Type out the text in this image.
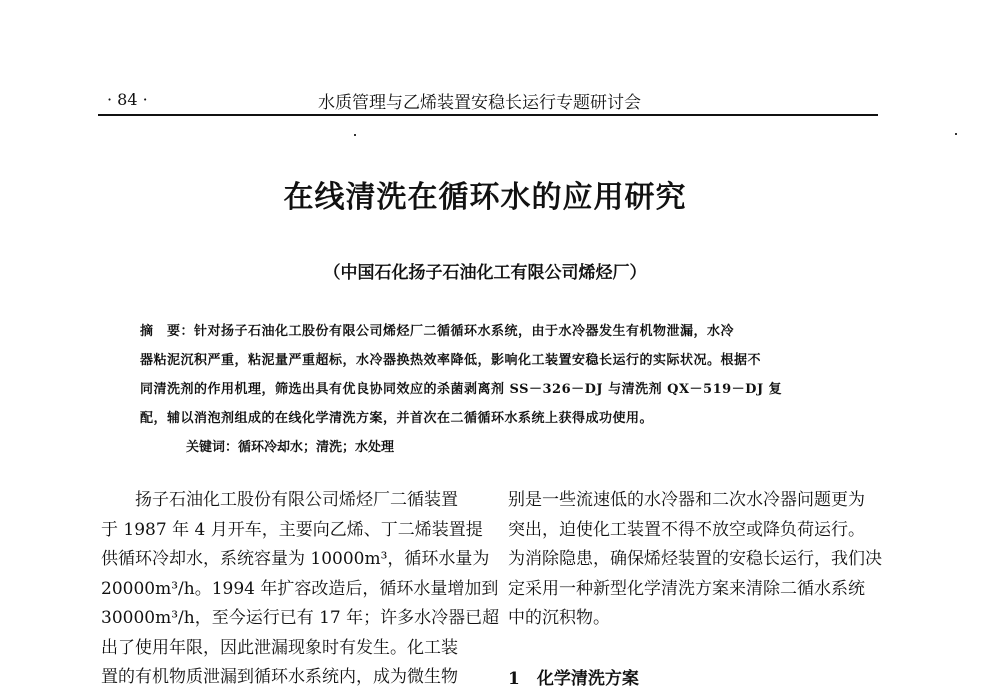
· 84 ·	水质管理与乙烯装置安稳长运行专题研讨会
在线清洗在循环水的应用研究
（中国石化扬子石油化工有限公司烯烃厂）
摘　要：针对扬子石油化工股份有限公司烯烃厂二循循环水系统，由于水冷器发生有机物泄漏，水冷
器粘泥沉积严重，粘泥量严重超标，水冷器换热效率降低，影响化工装置安稳长运行的实际状况。根据不
同清洗剂的作用机理，筛选出具有优良协同效应的杀菌剥离剂 SS－326－DJ 与清洗剂 QX－519－DJ 复
配，辅以消泡剂组成的在线化学清洗方案，并首次在二循循环水系统上获得成功使用。
关键词：循环冷却水；清洗；水处理

　　扬子石油化工股份有限公司烯烃厂二循装置

于 1987 年 4 月开车，主要向乙烯、丁二烯装置提

供循环冷却水，系统容量为 10000m³，循环水量为

20000m³/h。1994 年扩容改造后，循环水量增加到

30000m³/h，至今运行已有 17 年；许多水冷器已超

出了使用年限，因此泄漏现象时有发生。化工装

置的有机物质泄漏到循环水系统内，成为微生物

别是一些流速低的水冷器和二次水冷器问题更为

突出，迫使化工装置不得不放空或降负荷运行。

为消除隐患，确保烯烃装置的安稳长运行，我们决

定采用一种新型化学清洗方案来清除二循水系统

中的沉积物。

1　化学清洗方案
